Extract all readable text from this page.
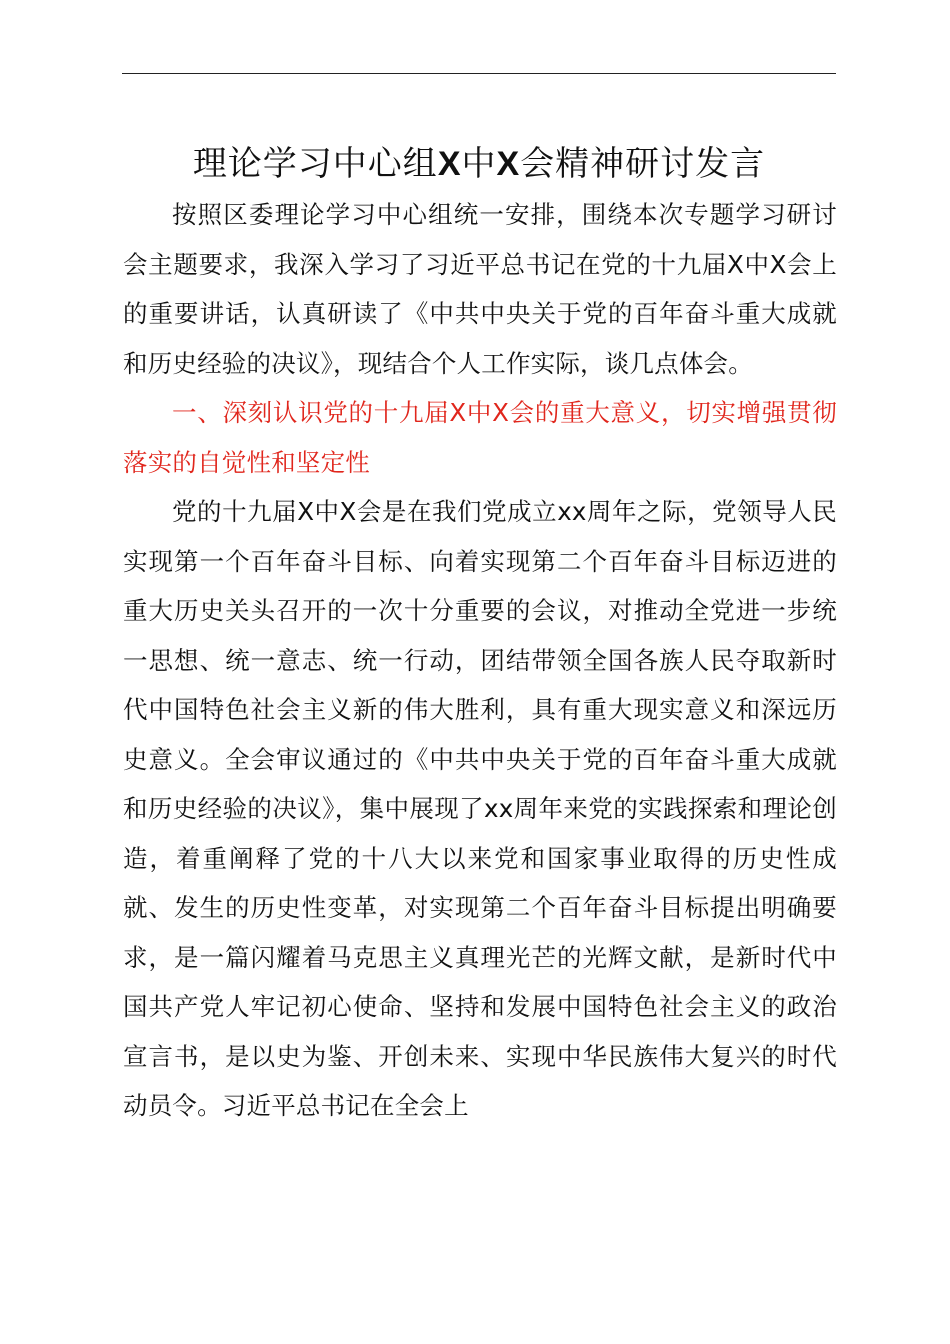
理论学习中心组X中X会精神研讨发言

按照区委理论学习中心组统一安排，围绕本次专题学习研讨会主题要求，我深入学习了习近平总书记在党的十九届X中X会上的重要讲话，认真研读了《中共中央关于党的百年奋斗重大成就和历史经验的决议》，现结合个人工作实际，谈几点体会。

一、深刻认识党的十九届X中X会的重大意义，切实增强贯彻落实的自觉性和坚定性

党的十九届X中X会是在我们党成立xx周年之际，党领导人民实现第一个百年奋斗目标、向着实现第二个百年奋斗目标迈进的重大历史关头召开的一次十分重要的会议，对推动全党进一步统一思想、统一意志、统一行动，团结带领全国各族人民夺取新时代中国特色社会主义新的伟大胜利，具有重大现实意义和深远历史意义。全会审议通过的《中共中央关于党的百年奋斗重大成就和历史经验的决议》，集中展现了xx周年来党的实践探索和理论创造，着重阐释了党的十八大以来党和国家事业取得的历史性成就、发生的历史性变革，对实现第二个百年奋斗目标提出明确要求，是一篇闪耀着马克思主义真理光芒的光辉文献，是新时代中国共产党人牢记初心使命、坚持和发展中国特色社会主义的政治宣言书，是以史为鉴、开创未来、实现中华民族伟大复兴的时代动员令。习近平总书记在全会上
